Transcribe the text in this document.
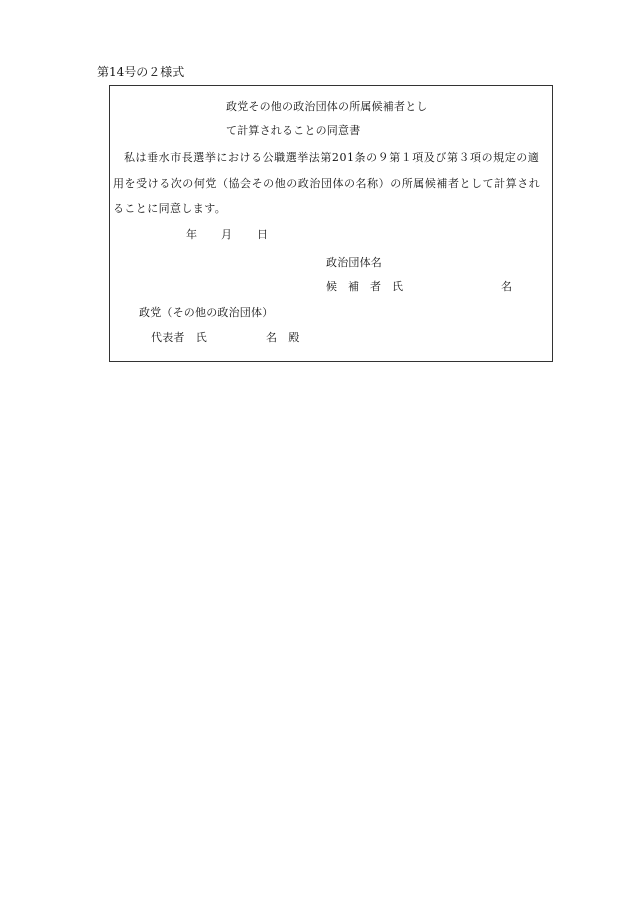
第14号の２様式
政党その他の政治団体の所属候補者とし
て計算されることの同意書
私は垂水市長選挙における公職選挙法第201条の９第１項及び第３項の規定の適
用を受ける次の何党（協会その他の政治団体の名称）の所属候補者として計算され
ることに同意します。
年 月 日
政治団体名
候　補　者　氏	名
政党（その他の政治団体）
代表者　氏	名　殿
